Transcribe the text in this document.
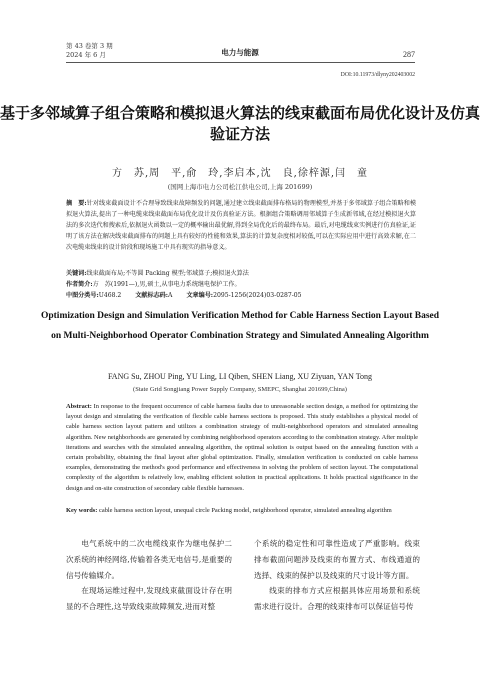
第 43 卷第 3 期
2024 年 6 月	电力与能源	287
DOI:10.11973/dlyny202403002
基于多邻域算子组合策略和模拟退火算法的线束截面布局优化设计及仿真验证方法
方　苏,周　平,俞　玲,李启本,沈　良,徐梓源,闫　童
(国网上海市电力公司松江供电公司,上海 201699)
摘　要:针对线束截面设计不合理导致线束故障频发的问题,通过建立线束截面排布格局的物理模型,并基于多邻域算子组合策略和模拟退火算法,提出了一种电缆束线束截面布局优化设计及仿真验证方法。根据组合策略调用邻域算子生成新邻域,在经过模拟退火算法的多次迭代和搜索后,依据退火函数以一定的概率输出最优解,得到全局优化后的最终布局。最后,对电缆线束实例进行仿真验证,证明了该方法在解决线束截面排布的问题上具有较好的性能和效果,算法的计算复杂度相对较低,可以在实际应用中进行高效求解,在二次电缆束线束的设计阶段和现场施工中具有现实的指导意义。
关键词:线束截面布局;不等圆 Packing 模型;邻域算子;模拟退火算法
作者简介:方　苏(1991—),男,硕士,从事电力系统继电保护工作。
中图分类号:U468.2 文献标志码:A 文章编号:2095-1256(2024)03-0287-05
Optimization Design and Simulation Verification Method for Cable Harness Section Layout Based on Multi-Neighborhood Operator Combination Strategy and Simulated Annealing Algorithm
FANG Su, ZHOU Ping, YU Ling, LI Qiben, SHEN Liang, XU Ziyuan, YAN Tong
(State Grid Songjiang Power Supply Company, SMEPC, Shanghai 201699,China)
Abstract: In response to the frequent occurrence of cable harness faults due to unreasonable section design, a method for optimizing the layout design and simulating the verification of flexible cable harness sections is proposed. This study establishes a physical model of cable harness section layout pattern and utilizes a combination strategy of multi-neighborhood operators and simulated annealing algorithm. New neighborhoods are generated by combining neighborhood operators according to the combination strategy. After multiple iterations and searches with the simulated annealing algorithm, the optimal solution is output based on the annealing function with a certain probability, obtaining the final layout after global optimization. Finally, simulation verification is conducted on cable harness examples, demonstrating the method's good performance and effectiveness in solving the problem of section layout. The computational complexity of the algorithm is relatively low, enabling efficient solution in practical applications. It holds practical significance in the design and on-site construction of secondary cable flexible harnesses.
Key words: cable harness section layout, unequal circle Packing model, neighborhood operator, simulated annealing algorithm

电气系统中的二次电缆线束作为继电保护二次系统的神经网络,传输着各类无电信号,是重要的信号传输媒介。

在现场运维过程中,发现线束截面设计存在明显的不合理性,这导致线束故障频发,进而对整

个系统的稳定性和可靠性造成了严重影响。线束排布截面问题涉及线束的布置方式、布线通道的选择、线束的保护以及线束的尺寸设计等方面。

线束的排布方式应根据具体应用场景和系统需求进行设计。合理的线束排布可以保证信号传
